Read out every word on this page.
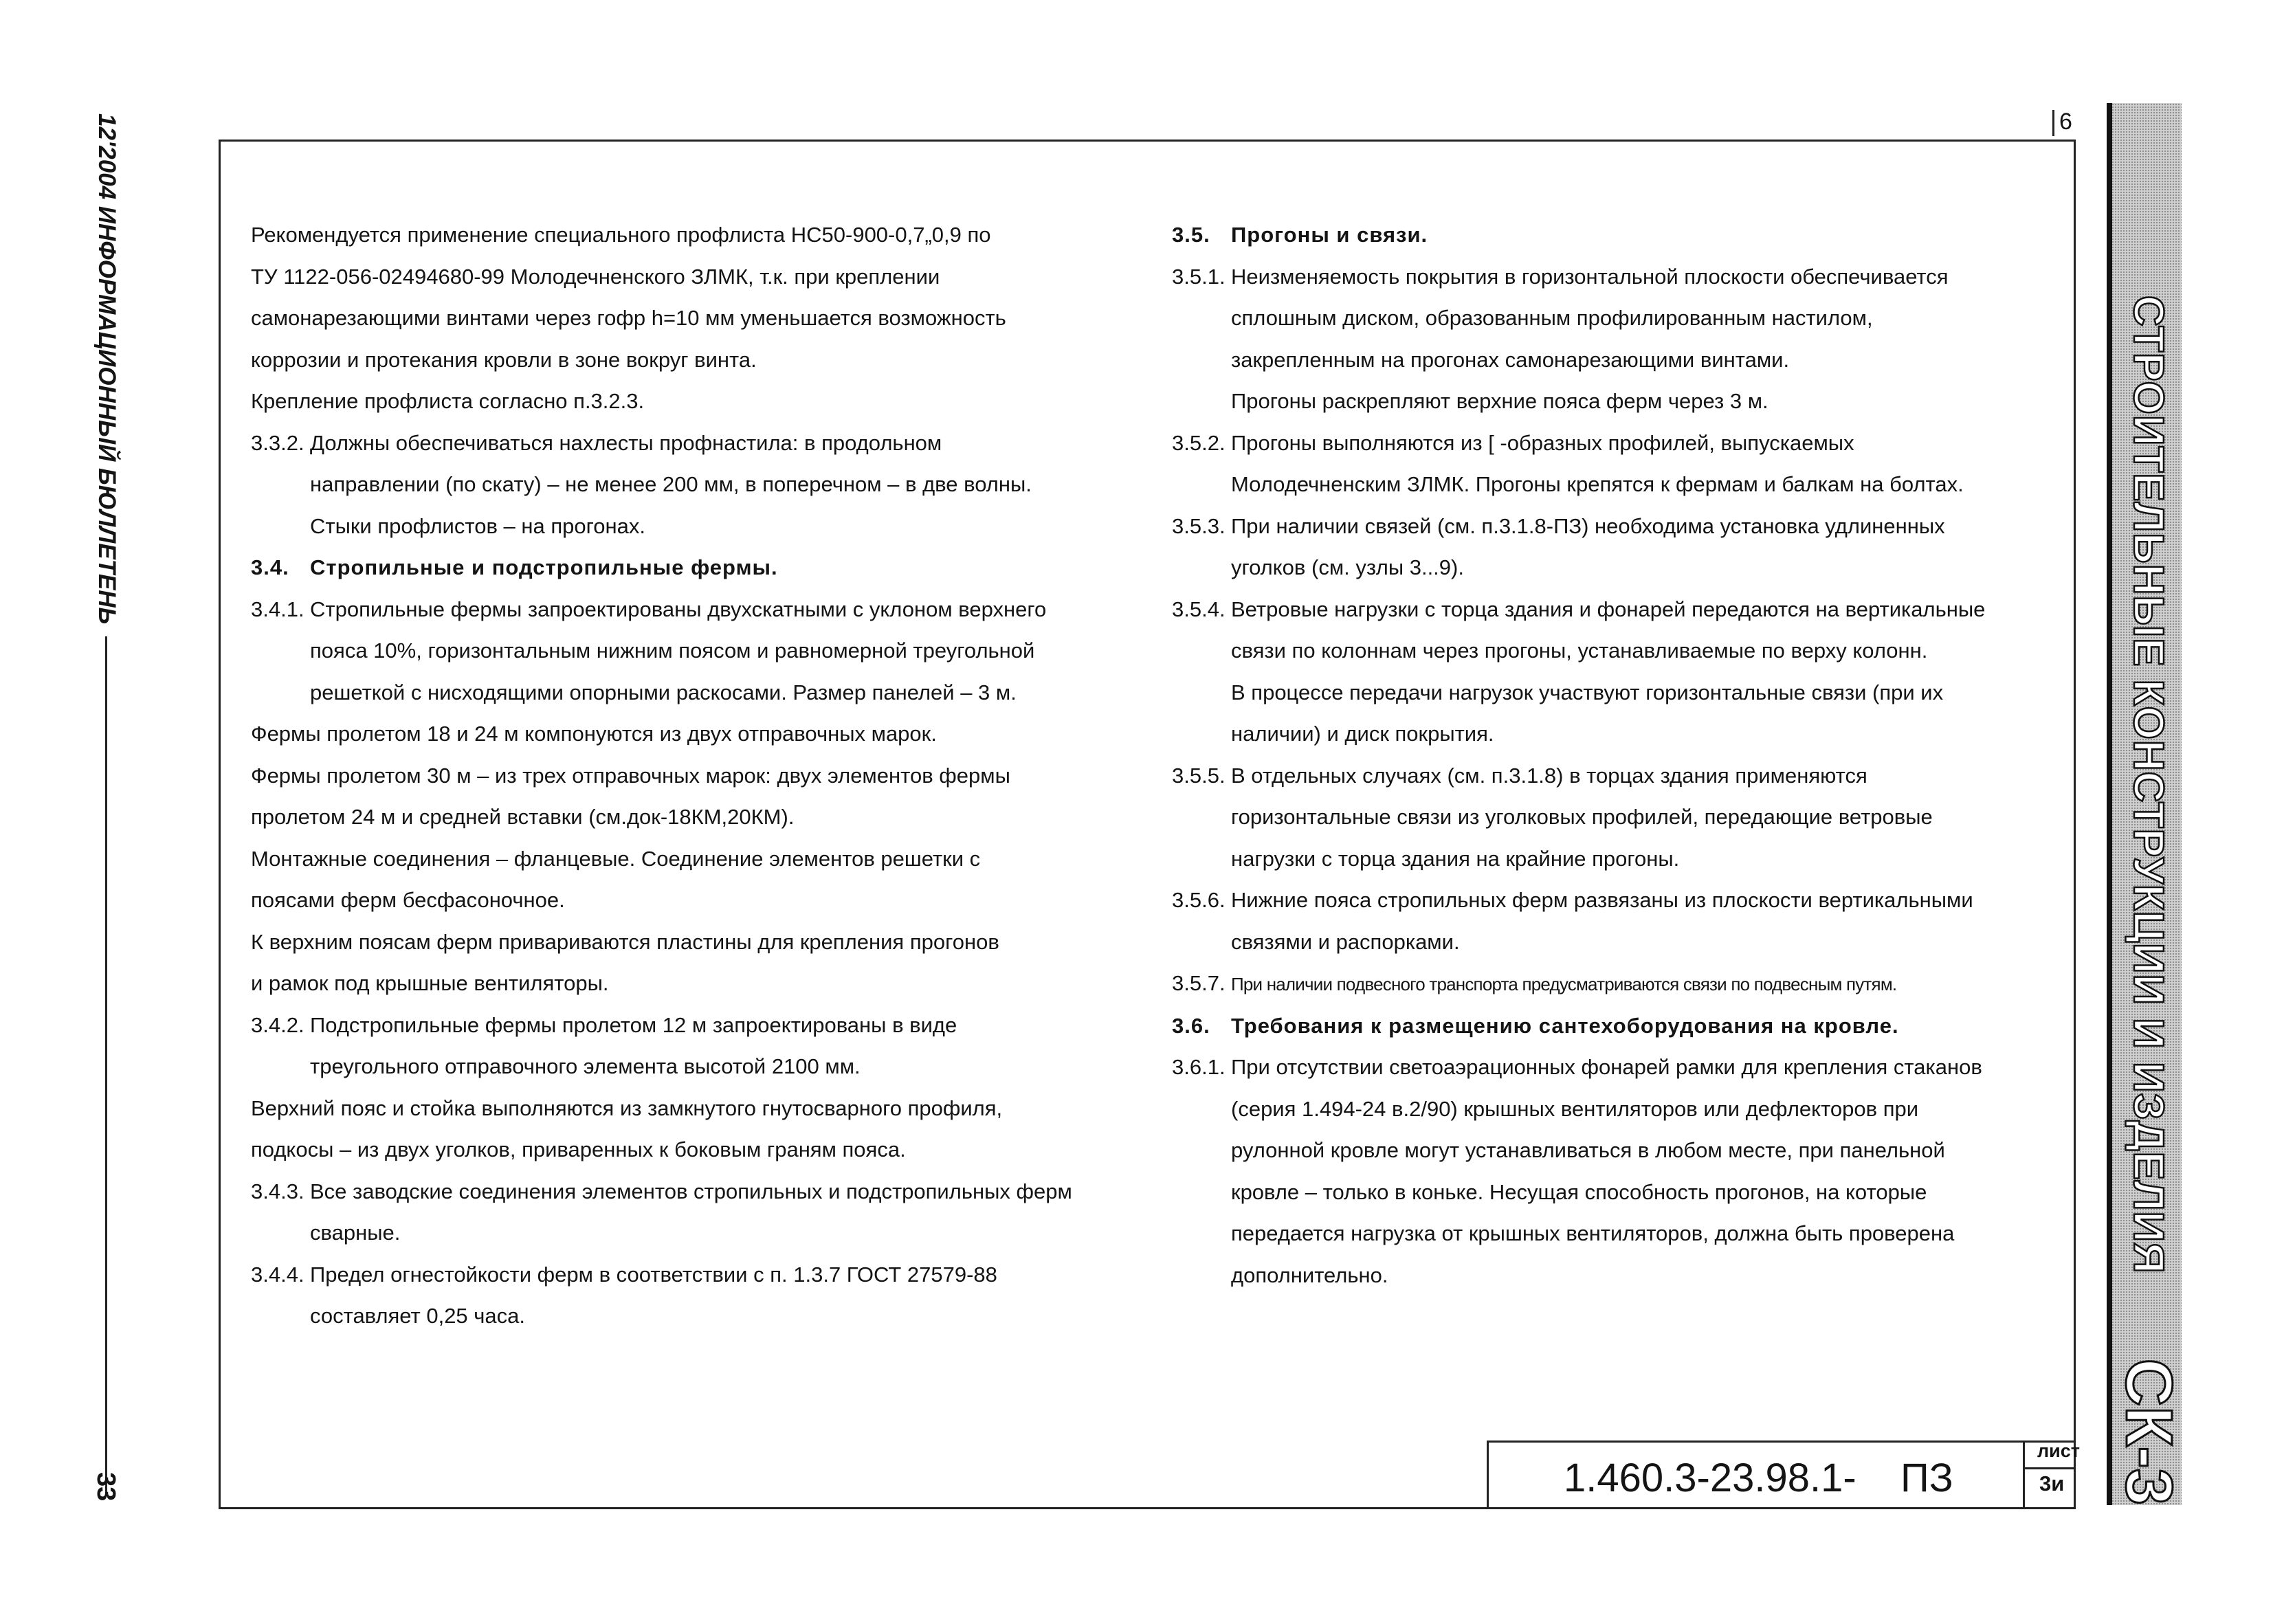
12'2004 ИНФОРМАЦИОННЫЙ БЮЛЛЕТЕНЬ
33
6
СТРОИТЕЛЬНЫЕ КОНСТРУКЦИИ И ИЗДЕЛИЯ
СК-3
Рекомендуется применение специального профлиста НС50-900-0,7„0,9 по
ТУ 1122-056-02494680-99 Молодечненского ЗЛМК, т.к. при креплении
самонарезающими винтами через гофр h=10 мм уменьшается возможность
коррозии и протекания кровли в зоне вокруг винта.
Крепление профлиста согласно п.3.2.3.
3.3.2. Должны обеспечиваться нахлесты профнастила: в продольном
направлении (по скату) – не менее 200 мм, в поперечном – в две волны.
Стыки профлистов – на прогонах.
3.4. Стропильные и подстропильные фермы.
3.4.1. Стропильные фермы запроектированы двухскатными с уклоном верхнего
пояса 10%, горизонтальным нижним поясом и равномерной треугольной
решеткой с нисходящими опорными раскосами. Размер панелей – 3 м.
Фермы пролетом 18 и 24 м компонуются из двух отправочных марок.
Фермы пролетом 30 м – из трех отправочных марок: двух элементов фермы
пролетом 24 м и средней вставки (см.док-18КМ,20КМ).
Монтажные соединения – фланцевые. Соединение элементов решетки с
поясами ферм бесфасоночное.
К верхним поясам ферм привариваются пластины для крепления прогонов
и рамок под крышные вентиляторы.
3.4.2. Подстропильные фермы пролетом 12 м запроектированы в виде
треугольного отправочного элемента высотой 2100 мм.
Верхний пояс и стойка выполняются из замкнутого гнутосварного профиля,
подкосы – из двух уголков, приваренных к боковым граням пояса.
3.4.3. Все заводские соединения элементов стропильных и подстропильных ферм
сварные.
3.4.4. Предел огнестойкости ферм в соответствии с п. 1.3.7 ГОСТ 27579-88
составляет 0,25 часа.
3.5. Прогоны и связи.
3.5.1. Неизменяемость покрытия в горизонтальной плоскости обеспечивается
сплошным диском, образованным профилированным настилом,
закрепленным на прогонах самонарезающими винтами.
Прогоны раскрепляют верхние пояса ферм через 3 м.
3.5.2. Прогоны выполняются из [ -образных профилей, выпускаемых
Молодечненским ЗЛМК. Прогоны крепятся к фермам и балкам на болтах.
3.5.3. При наличии связей (см. п.3.1.8-ПЗ) необходима установка удлиненных
уголков (см. узлы 3...9).
3.5.4. Ветровые нагрузки с торца здания и фонарей передаются на вертикальные
связи по колоннам через прогоны, устанавливаемые по верху колонн.
В процессе передачи нагрузок участвуют горизонтальные связи (при их
наличии) и диск покрытия.
3.5.5. В отдельных случаях (см. п.3.1.8) в торцах здания применяются
горизонтальные связи из уголковых профилей, передающие ветровые
нагрузки с торца здания на крайние прогоны.
3.5.6. Нижние пояса стропильных ферм развязаны из плоскости вертикальными
связями и распорками.
3.5.7. При наличии подвесного транспорта предусматриваются связи по подвесным путям.
3.6. Требования к размещению сантехоборудования на кровле.
3.6.1. При отсутствии светоаэрационных фонарей рамки для крепления стаканов
(серия 1.494-24 в.2/90) крышных вентиляторов или дефлекторов при
рулонной кровле могут устанавливаться в любом месте, при панельной
кровле – только в коньке. Несущая способность прогонов, на которые
передается нагрузка от крышных вентиляторов, должна быть проверена
дополнительно.
1.460.3-23.98.1- ПЗ
лист
3и
